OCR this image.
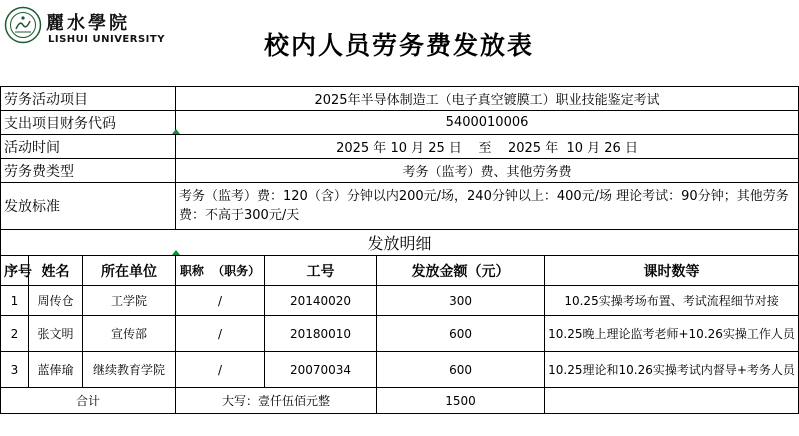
麗水學院
LISHUI UNIVERSITY	校内人员劳务费发放表
劳务活动项目			2025年半导体制造工（电子真空镀膜工）职业技能鉴定考试			
支出项目财务代码			5400010006			
活动时间			2025 年 10 月 25 日    至    2025 年  10 月 26 日			
劳务费类型			考务（监考）费、其他劳务费			
发放标准			考务（监考）费：120（含）分钟以内200元/场，240分钟以上：400元/场 理论考试：90分钟；其他劳务费：不高于300元/天			
发放明细						
序号	姓名	所在单位	职称  （职务）	工号	发放金额（元）	课时数等
1	周传仓	工学院	/	20140020	300	10.25实操考场布置、考试流程细节对接
2	张文明	宣传部	/	20180010	600	10.25晚上理论监考老师+10.26实操工作人员
3	蓝俸瑜	继续教育学院	/	20070034	600	10.25理论和10.26实操考试内督导+考务人员
合计			大写：壹仟伍佰元整		1500	
